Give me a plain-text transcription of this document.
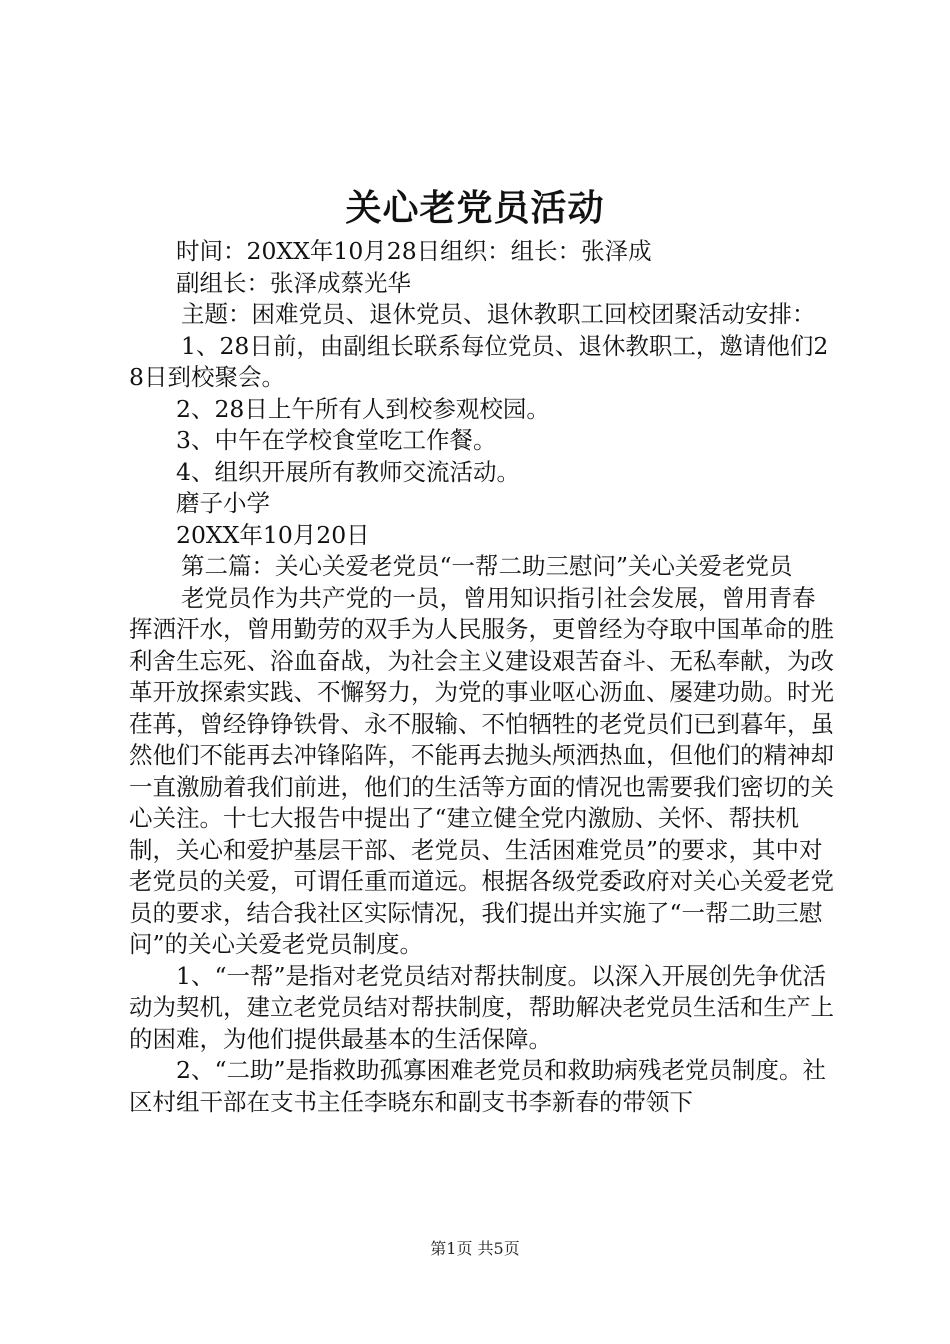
关心老党员活动

时间：20XX年10月28日组织：组长：张泽成

副组长：张泽成蔡光华

主题：困难党员、退休党员、退休教职工回校团聚活动安排：

1、28日前，由副组长联系每位党员、退休教职工，邀请他们28日到校聚会。

2、28日上午所有人到校参观校园。

3、中午在学校食堂吃工作餐。

4、组织开展所有教师交流活动。

磨子小学

20XX年10月20日

第二篇：关心关爱老党员“一帮二助三慰问”关心关爱老党员

老党员作为共产党的一员，曾用知识指引社会发展，曾用青春挥洒汗水，曾用勤劳的双手为人民服务，更曾经为夺取中国革命的胜利舍生忘死、浴血奋战，为社会主义建设艰苦奋斗、无私奉献，为改革开放探索实践、不懈努力，为党的事业呕心沥血、屡建功勋。时光荏苒，曾经铮铮铁骨、永不服输、不怕牺牲的老党员们已到暮年，虽然他们不能再去冲锋陷阵，不能再去抛头颅洒热血，但他们的精神却一直激励着我们前进，他们的生活等方面的情况也需要我们密切的关心关注。十七大报告中提出了“建立健全党内激励、关怀、帮扶机制，关心和爱护基层干部、老党员、生活困难党员”的要求，其中对老党员的关爱，可谓任重而道远。根据各级党委政府对关心关爱老党员的要求，结合我社区实际情况，我们提出并实施了“一帮二助三慰问”的关心关爱老党员制度。

1、“一帮”是指对老党员结对帮扶制度。以深入开展创先争优活动为契机，建立老党员结对帮扶制度，帮助解决老党员生活和生产上的困难，为他们提供最基本的生活保障。

2、“二助”是指救助孤寡困难老党员和救助病残老党员制度。社区村组干部在支书主任李晓东和副支书李新春的带领下

第1页 共5页
